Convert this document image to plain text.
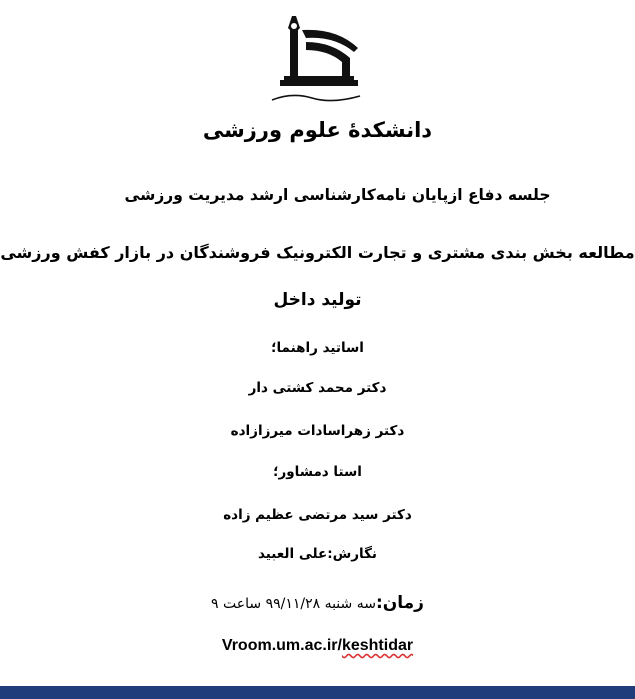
دانشکدهٔ علوم ورزشی
جلسه دفاع ازپایان نامه‌کارشناسی ارشد مدیریت ورزشی
مطالعه بخش بندی مشتری و تجارت الکترونیک فروشندگان در بازار کفش ورزشی
تولید داخل
اساتید راهنما؛
دکتر محمد کشتی دار
دکتر زهراسادات میرزازاده
استا دمشاور؛
دکتر سید مرتضی عظیم زاده
نگارش:علی العبید
زمان:سه شنبه ۹۹/۱۱/۲۸ ساعت ۹
Vroom.um.ac.ir/keshtidar
